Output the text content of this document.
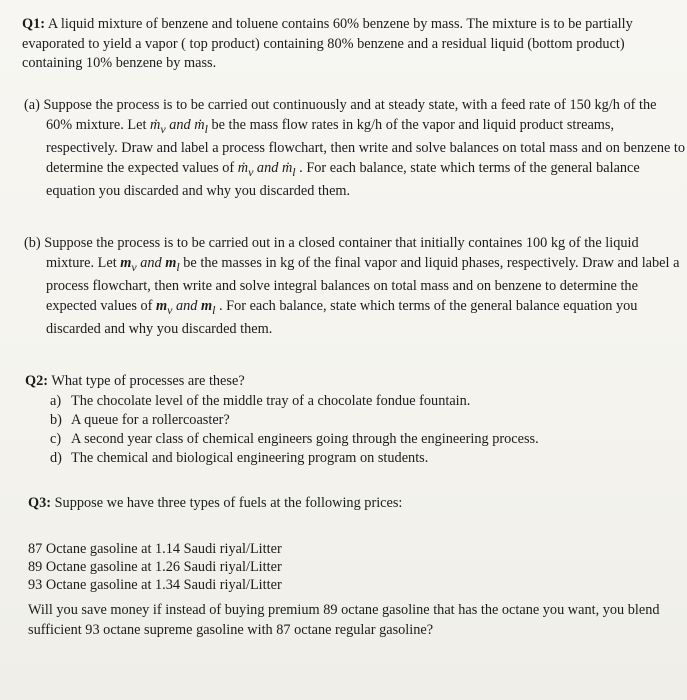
Q1: A liquid mixture of benzene and toluene contains 60% benzene by mass. The mixture is to be partially evaporated to yield a vapor ( top product) containing 80% benzene and a residual liquid (bottom product) containing 10% benzene by mass.

(a) Suppose the process is to be carried out continuously and at steady state, with a feed rate of 150 kg/h of the 60% mixture. Let ṁ$_v$ and ṁ$_l$ be the mass flow rates in kg/h of the vapor and liquid product streams, respectively. Draw and label a process flowchart, then write and solve balances on total mass and on benzene to determine the expected values of ṁ$_v$ and ṁ$_l$ . For each balance, state which terms of the general balance equation you discarded and why you discarded them.

(b) Suppose the process is to be carried out in a closed container that initially containes 100 kg of the liquid mixture. Let $m_v$ and $m_l$ be the masses in kg of the final vapor and liquid phases, respectively. Draw and label a process flowchart, then write and solve integral balances on total mass and on benzene to determine the expected values of $m_v$ and $m_l$ . For each balance, state which terms of the general balance equation you discarded and why you discarded them.

Q2: What type of processes are these?
a) The chocolate level of the middle tray of a chocolate fondue fountain.
b) A queue for a rollercoaster?
c) A second year class of chemical engineers going through the engineering process.
d) The chemical and biological engineering program on students.

Q3: Suppose we have three types of fuels at the following prices:

87 Octane gasoline at 1.14 Saudi riyal/Litter
89 Octane gasoline at 1.26 Saudi riyal/Litter
93 Octane gasoline at 1.34 Saudi riyal/Litter

Will you save money if instead of buying premium 89 octane gasoline that has the octane you want, you blend sufficient 93 octane supreme gasoline with 87 octane regular gasoline?
